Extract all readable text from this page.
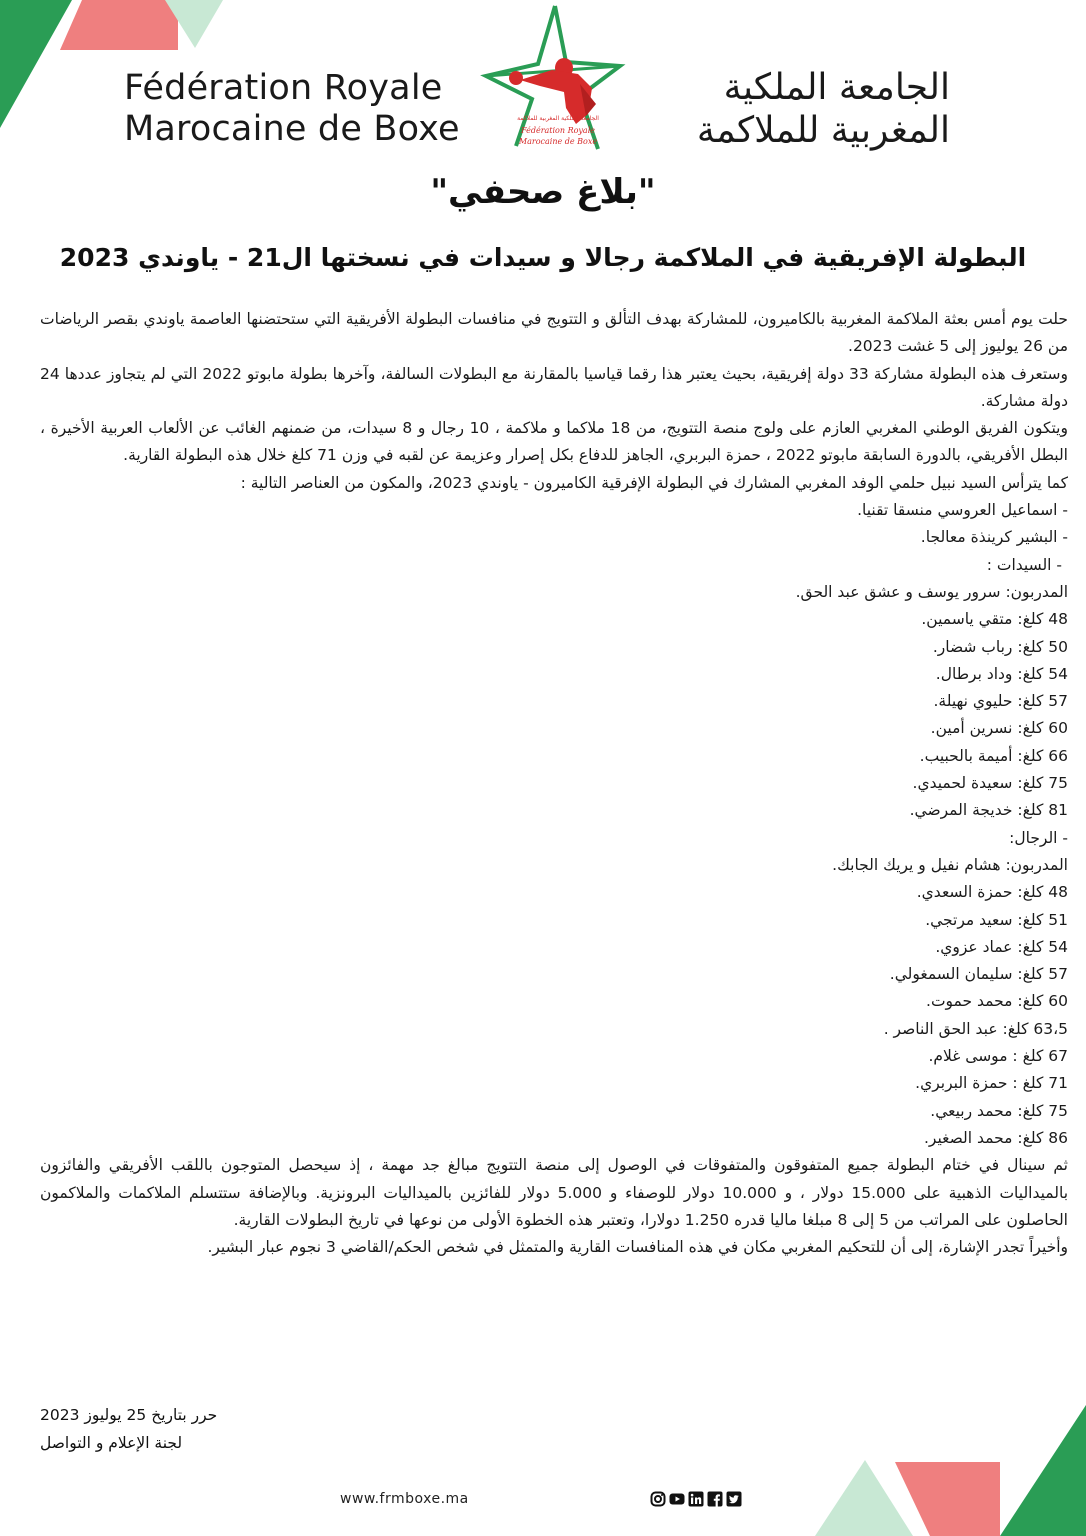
Fédération Royale
Marocaine de Boxe	الجامعة الملكية المغربية للملاكمة
Fédération Royale
Marocaine de Boxe
الجامعة الملكية
المغربية للملاكمة
"بلاغ صحفي"
البطولة الإفريقية في الملاكمة رجالا و سيدات في نسختها ال21 - ياوندي 2023
حلت يوم أمس بعثة الملاكمة المغربية بالكاميرون، للمشاركة بهدف التألق و التتويج في منافسات البطولة الأفريقية التي ستحتضنها العاصمة ياوندي بقصر الرياضات من 26 يوليوز إلى 5 غشت 2023.
وستعرف هذه البطولة مشاركة 33 دولة إفريقية، بحيث يعتبر هذا رقما قياسيا بالمقارنة مع البطولات السالفة، وآخرها بطولة مابوتو 2022 التي لم يتجاوز عددها 24 دولة مشاركة.
ويتكون الفريق الوطني المغربي العازم على ولوج منصة التتويج، من 18 ملاكما و ملاكمة ، 10 رجال و 8 سيدات، من ضمنهم الغائب عن الألعاب العربية الأخيرة ، البطل الأفريقي، بالدورة السابقة مابوتو 2022 ، حمزة البربري، الجاهز للدفاع بكل إصرار وعزيمة عن لقبه في وزن 71 كلغ خلال هذه البطولة القارية.
كما يترأس السيد نبيل حلمي الوفد المغربي المشارك في البطولة الإفرقية الكاميرون - ياوندي 2023، والمكون من العناصر التالية :
- اسماعيل العروسي منسقا تقنيا.
- البشير كرينذة معالجا.
- السيدات :
المدربون: سرور يوسف و عشق عبد الحق.
48 كلغ: متقي ياسمين.
50 كلغ: رباب شضار.
54 كلغ: وداد برطال.
57 كلغ: حليوي نهيلة.
60 كلغ: نسرين أمين.
66 كلغ: أميمة بالحبيب.
75 كلغ: سعيدة لحميدي.
81 كلغ: خديجة المرضي.
- الرجال:
المدربون: هشام نفيل و يريك الجابك.
48 كلغ: حمزة السعدي.
51 كلغ: سعيد مرتجي.
54 كلغ: عماد عزوي.
57 كلغ: سليمان السمغولي.
60 كلغ: محمد حموت.
63،5 كلغ: عبد الحق الناصر .
67 كلغ : موسى غلام.
71 كلغ : حمزة البربري.
75 كلغ: محمد ربيعي.
86 كلغ: محمد الصغير.
ثم سينال في ختام البطولة جميع المتفوقون والمتفوقات في الوصول إلى منصة التتويج مبالغ جد مهمة ، إذ سيحصل المتوجون باللقب الأفريقي والفائزون بالميداليات الذهبية على 15.000 دولار ، و 10.000 دولار للوصفاء و 5.000 دولار للفائزين بالميداليات البرونزية. وبالإضافة ستتسلم الملاكمات والملاكمون الحاصلون على المراتب من 5 إلى 8 مبلغا ماليا قدره 1.250 دولارا، وتعتبر هذه الخطوة الأولى من نوعها في تاريخ البطولات القارية.
وأخيراً تجدر الإشارة، إلى أن للتحكيم المغربي مكان في هذه المنافسات القارية والمتمثل في شخص الحكم/القاضي 3 نجوم عبار البشير.
حرر بتاريخ 25 يوليوز 2023
لجنة الإعلام و التواصل
www.frmboxe.ma
